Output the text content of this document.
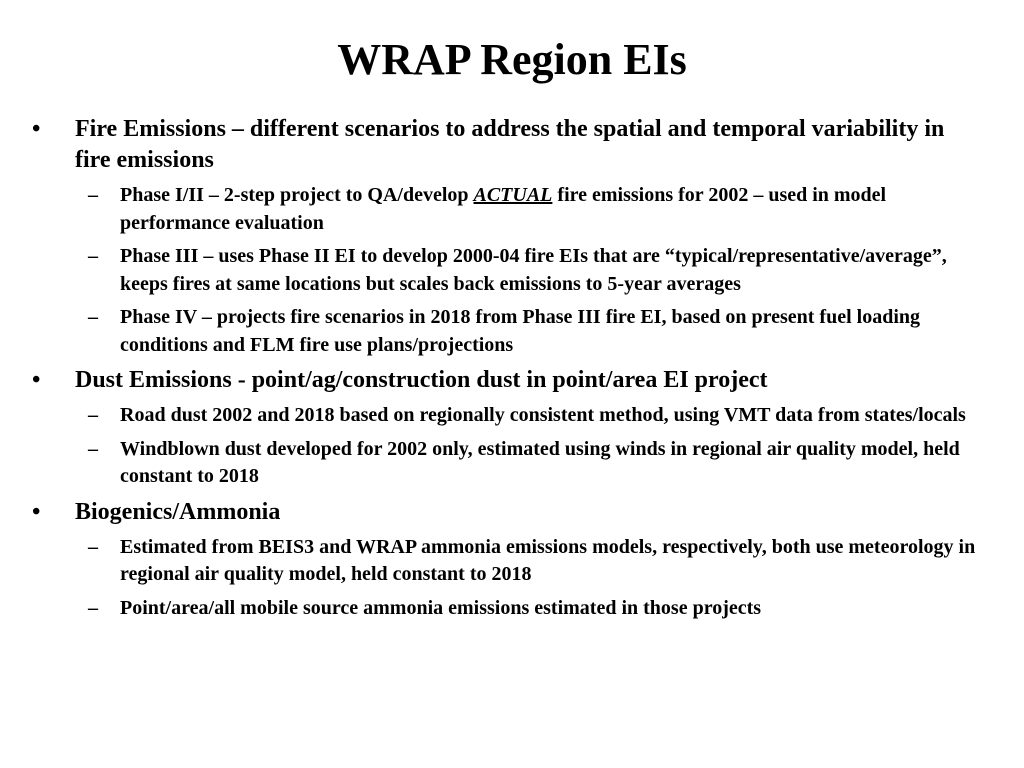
WRAP Region EIs
• Fire Emissions – different scenarios to address the spatial and temporal variability in fire emissions
– Phase I/II – 2-step project to QA/develop ACTUAL fire emissions for 2002 – used in model performance evaluation
– Phase III – uses Phase II EI to develop 2000-04 fire EIs that are “typical/representative/average”, keeps fires at same locations but scales back emissions to 5-year averages
– Phase IV – projects fire scenarios in 2018 from Phase III fire EI, based on present fuel loading conditions and FLM fire use plans/projections
• Dust Emissions - point/ag/construction dust in point/area EI project
– Road dust 2002 and 2018 based on regionally consistent method, using VMT data from states/locals
– Windblown dust developed for 2002 only, estimated using winds in regional air quality model, held constant to 2018
• Biogenics/Ammonia
– Estimated from BEIS3 and WRAP ammonia emissions models, respectively, both use meteorology in regional air quality model, held constant to 2018
– Point/area/all mobile source ammonia emissions estimated in those projects
